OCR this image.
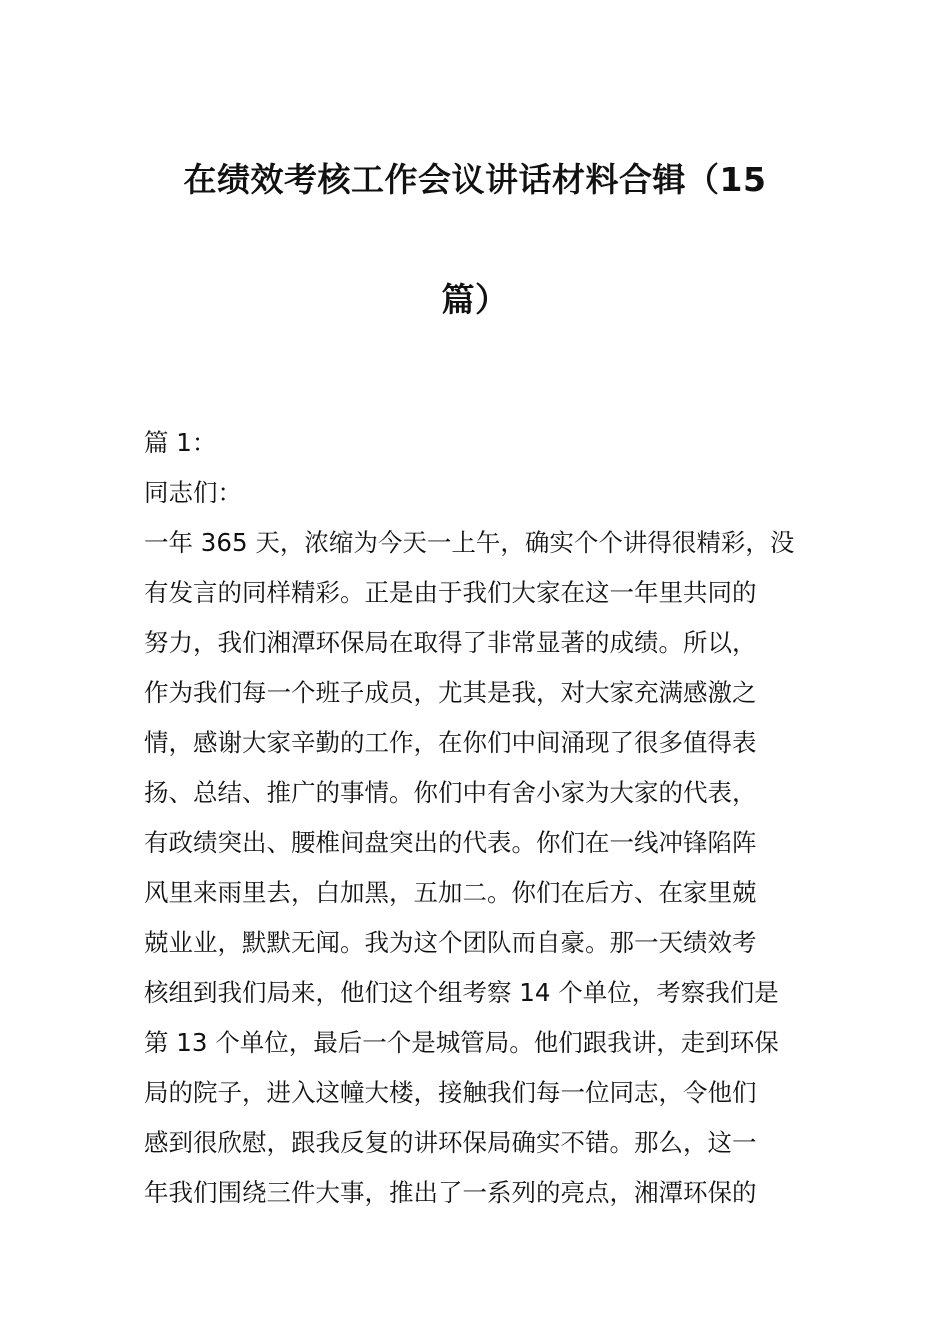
在绩效考核工作会议讲话材料合辑（15
篇）

篇 1：

同志们：

一年 365 天，浓缩为今天一上午，确实个个讲得很精彩，没

有发言的同样精彩。正是由于我们大家在这一年里共同的

努力，我们湘潭环保局在取得了非常显著的成绩。所以，

作为我们每一个班子成员，尤其是我，对大家充满感激之

情，感谢大家辛勤的工作，在你们中间涌现了很多值得表

扬、总结、推广的事情。你们中有舍小家为大家的代表，

有政绩突出、腰椎间盘突出的代表。你们在一线冲锋陷阵

风里来雨里去，白加黑，五加二。你们在后方、在家里兢

兢业业，默默无闻。我为这个团队而自豪。那一天绩效考

核组到我们局来，他们这个组考察 14 个单位，考察我们是

第 13 个单位，最后一个是城管局。他们跟我讲，走到环保

局的院子，进入这幢大楼，接触我们每一位同志，令他们

感到很欣慰，跟我反复的讲环保局确实不错。那么，这一

年我们围绕三件大事，推出了一系列的亮点，湘潭环保的
